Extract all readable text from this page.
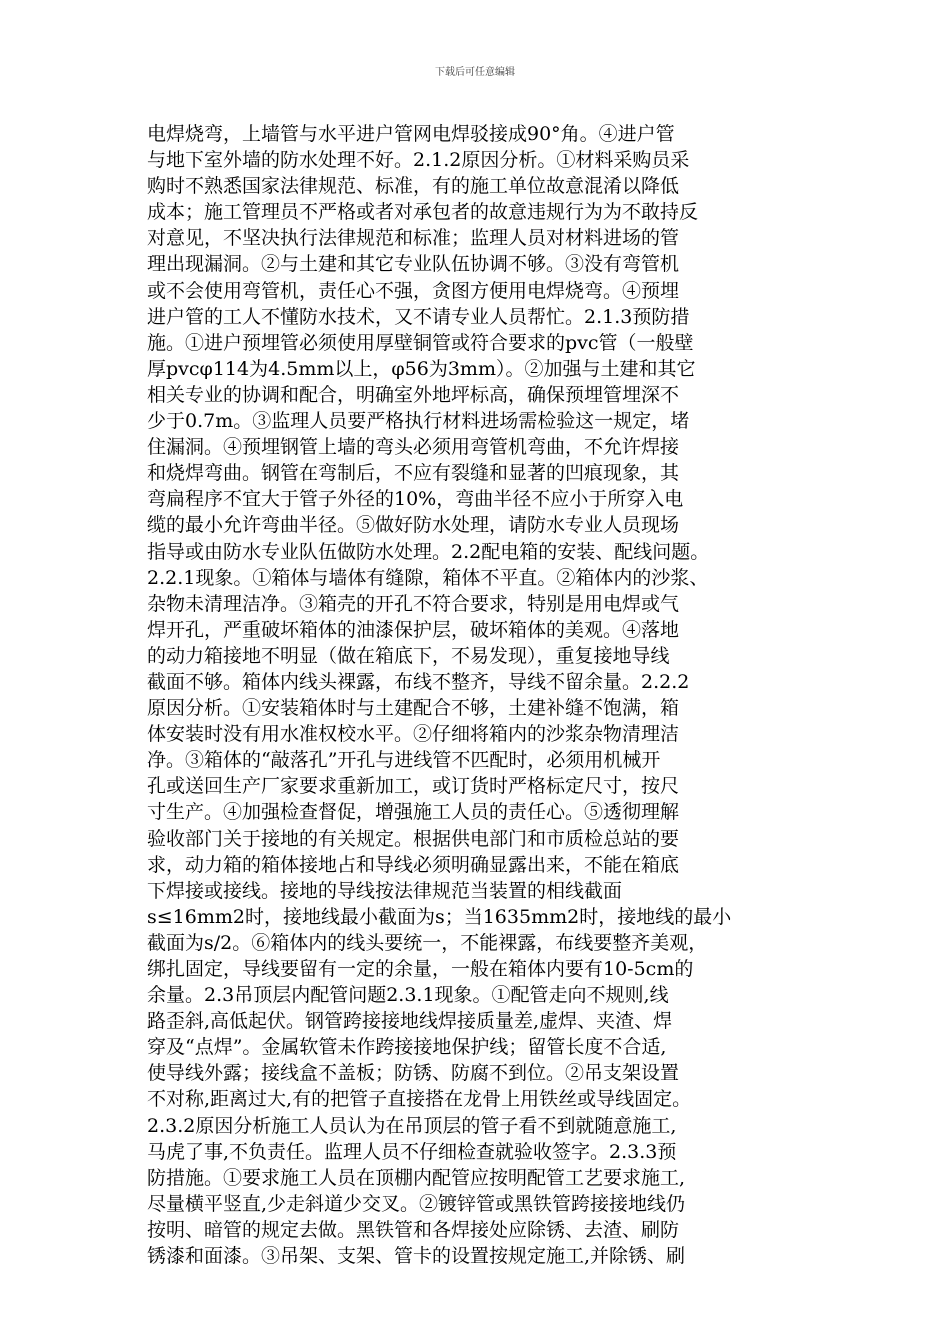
下载后可任意编辑
电焊烧弯，上墙管与水平进户管网电焊驳接成90°角。④进户管
与地下室外墙的防水处理不好。2.1.2原因分析。①材料采购员采
购时不熟悉国家法律规范、标准，有的施工单位故意混淆以降低
成本；施工管理员不严格或者对承包者的故意违规行为为不敢持反
对意见，不坚决执行法律规范和标准；监理人员对材料进场的管
理出现漏洞。②与土建和其它专业队伍协调不够。③没有弯管机
或不会使用弯管机，责任心不强，贪图方便用电焊烧弯。④预埋
进户管的工人不懂防水技术，又不请专业人员帮忙。2.1.3预防措
施。①进户预埋管必须使用厚壁铜管或符合要求的pvc管（一般壁
厚pvcφ114为4.5mm以上，φ56为3mm）。②加强与土建和其它
相关专业的协调和配合，明确室外地坪标高，确保预埋管埋深不
少于0.7m。③监理人员要严格执行材料进场需检验这一规定，堵
住漏洞。④预埋钢管上墙的弯头必须用弯管机弯曲，不允许焊接
和烧焊弯曲。钢管在弯制后，不应有裂缝和显著的凹痕现象，其
弯扁程序不宜大于管子外径的10%，弯曲半径不应小于所穿入电
缆的最小允许弯曲半径。⑤做好防水处理，请防水专业人员现场
指导或由防水专业队伍做防水处理。2.2配电箱的安装、配线问题。
2.2.1现象。①箱体与墙体有缝隙，箱体不平直。②箱体内的沙浆、
杂物未清理洁净。③箱壳的开孔不符合要求，特别是用电焊或气
焊开孔，严重破坏箱体的油漆保护层，破坏箱体的美观。④落地
的动力箱接地不明显（做在箱底下，不易发现），重复接地导线
截面不够。箱体内线头裸露，布线不整齐，导线不留余量。2.2.2
原因分析。①安装箱体时与土建配合不够，土建补缝不饱满，箱
体安装时没有用水准权校水平。②仔细将箱内的沙浆杂物清理洁
净。③箱体的“敲落孔”开孔与进线管不匹配时，必须用机械开
孔或送回生产厂家要求重新加工，或订货时严格标定尺寸，按尺
寸生产。④加强检查督促，增强施工人员的责任心。⑤透彻理解
验收部门关于接地的有关规定。根据供电部门和市质检总站的要
求，动力箱的箱体接地占和导线必须明确显露出来，不能在箱底
下焊接或接线。接地的导线按法律规范当装置的相线截面
s≤16mm2时，接地线最小截面为s；当1635mm2时，接地线的最小
截面为s/2。⑥箱体内的线头要统一，不能裸露，布线要整齐美观，
绑扎固定，导线要留有一定的余量，一般在箱体内要有10-5cm的
余量。2.3吊顶层内配管问题2.3.1现象。①配管走向不规则,线
路歪斜,高低起伏。钢管跨接接地线焊接质量差,虚焊、夹渣、焊
穿及“点焊”。金属软管未作跨接接地保护线；留管长度不合适,
使导线外露；接线盒不盖板；防锈、防腐不到位。②吊支架设置
不对称,距离过大,有的把管子直接搭在龙骨上用铁丝或导线固定。
2.3.2原因分析施工人员认为在吊顶层的管子看不到就随意施工,
马虎了事,不负责任。监理人员不仔细检查就验收签字。2.3.3预
防措施。①要求施工人员在顶棚内配管应按明配管工艺要求施工,
尽量横平竖直,少走斜道少交叉。②镀锌管或黑铁管跨接接地线仍
按明、暗管的规定去做。黑铁管和各焊接处应除锈、去渣、刷防
锈漆和面漆。③吊架、支架、管卡的设置按规定施工,并除锈、刷
